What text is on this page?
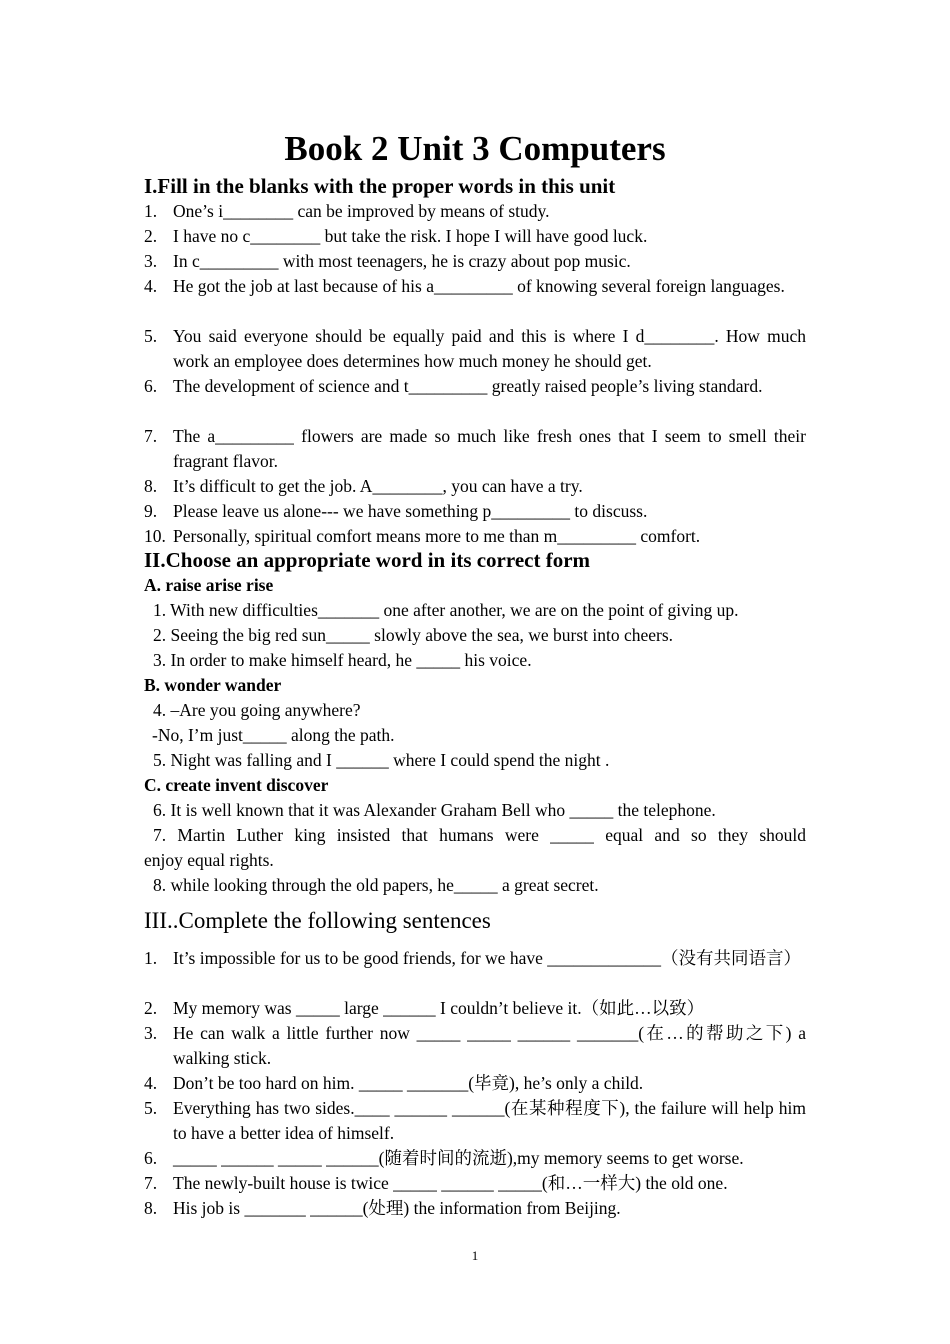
Book 2 Unit 3 Computers
I.Fill in the blanks with the proper words in this unit
1. One’s i________ can be improved by means of study.
2. I have no c________ but take the risk. I hope I will have good luck.
3. In c_________ with most teenagers, he is crazy about pop music.
4. He got the job at last because of his a_________ of knowing several foreign languages.
5. You said everyone should be equally paid and this is where I d________. How much work an employee does determines how much money he should get.
6. The development of science and t_________ greatly raised people’s living standard.
7. The a_________ flowers are made so much like fresh ones that I seem to smell their fragrant flavor.
8. It’s difficult to get the job. A________, you can have a try.
9. Please leave us alone--- we have something p_________ to discuss.
10. Personally, spiritual comfort means more to me than m_________ comfort.
II.Choose an appropriate word in its correct form
A. raise arise rise
1. With new difficulties_______ one after another, we are on the point of giving up.
2. Seeing the big red sun_____ slowly above the sea, we burst into cheers.
3. In order to make himself heard, he _____ his voice.
B. wonder wander
4. –Are you going anywhere?
-No, I’m just_____ along the path.
5. Night was falling and I ______ where I could spend the night .
C. create invent discover
6. It is well known that it was Alexander Graham Bell who _____ the telephone.
7. Martin Luther king insisted that humans were _____ equal and so they should
enjoy equal rights.
8. while looking through the old papers, he_____ a great secret.
III..Complete the following sentences
1. It’s impossible for us to be good friends, for we have _____________（没有共同语言）
2. My memory was _____ large ______ I couldn’t believe it.（如此…以致）
3. He can walk a little further now _____ _____ ______ _______(在…的帮助之下) a walking stick.
4. Don’t be too hard on him. _____ _______(毕竟), he’s only a child.
5. Everything has two sides.____ ______ ______(在某种程度下), the failure will help him to have a better idea of himself.
6. _____ ______ _____ ______(随着时间的流逝),my memory seems to get worse.
7. The newly-built house is twice _____ ______ _____(和…一样大) the old one.
8. His job is _______ ______(处理) the information from Beijing.
1
